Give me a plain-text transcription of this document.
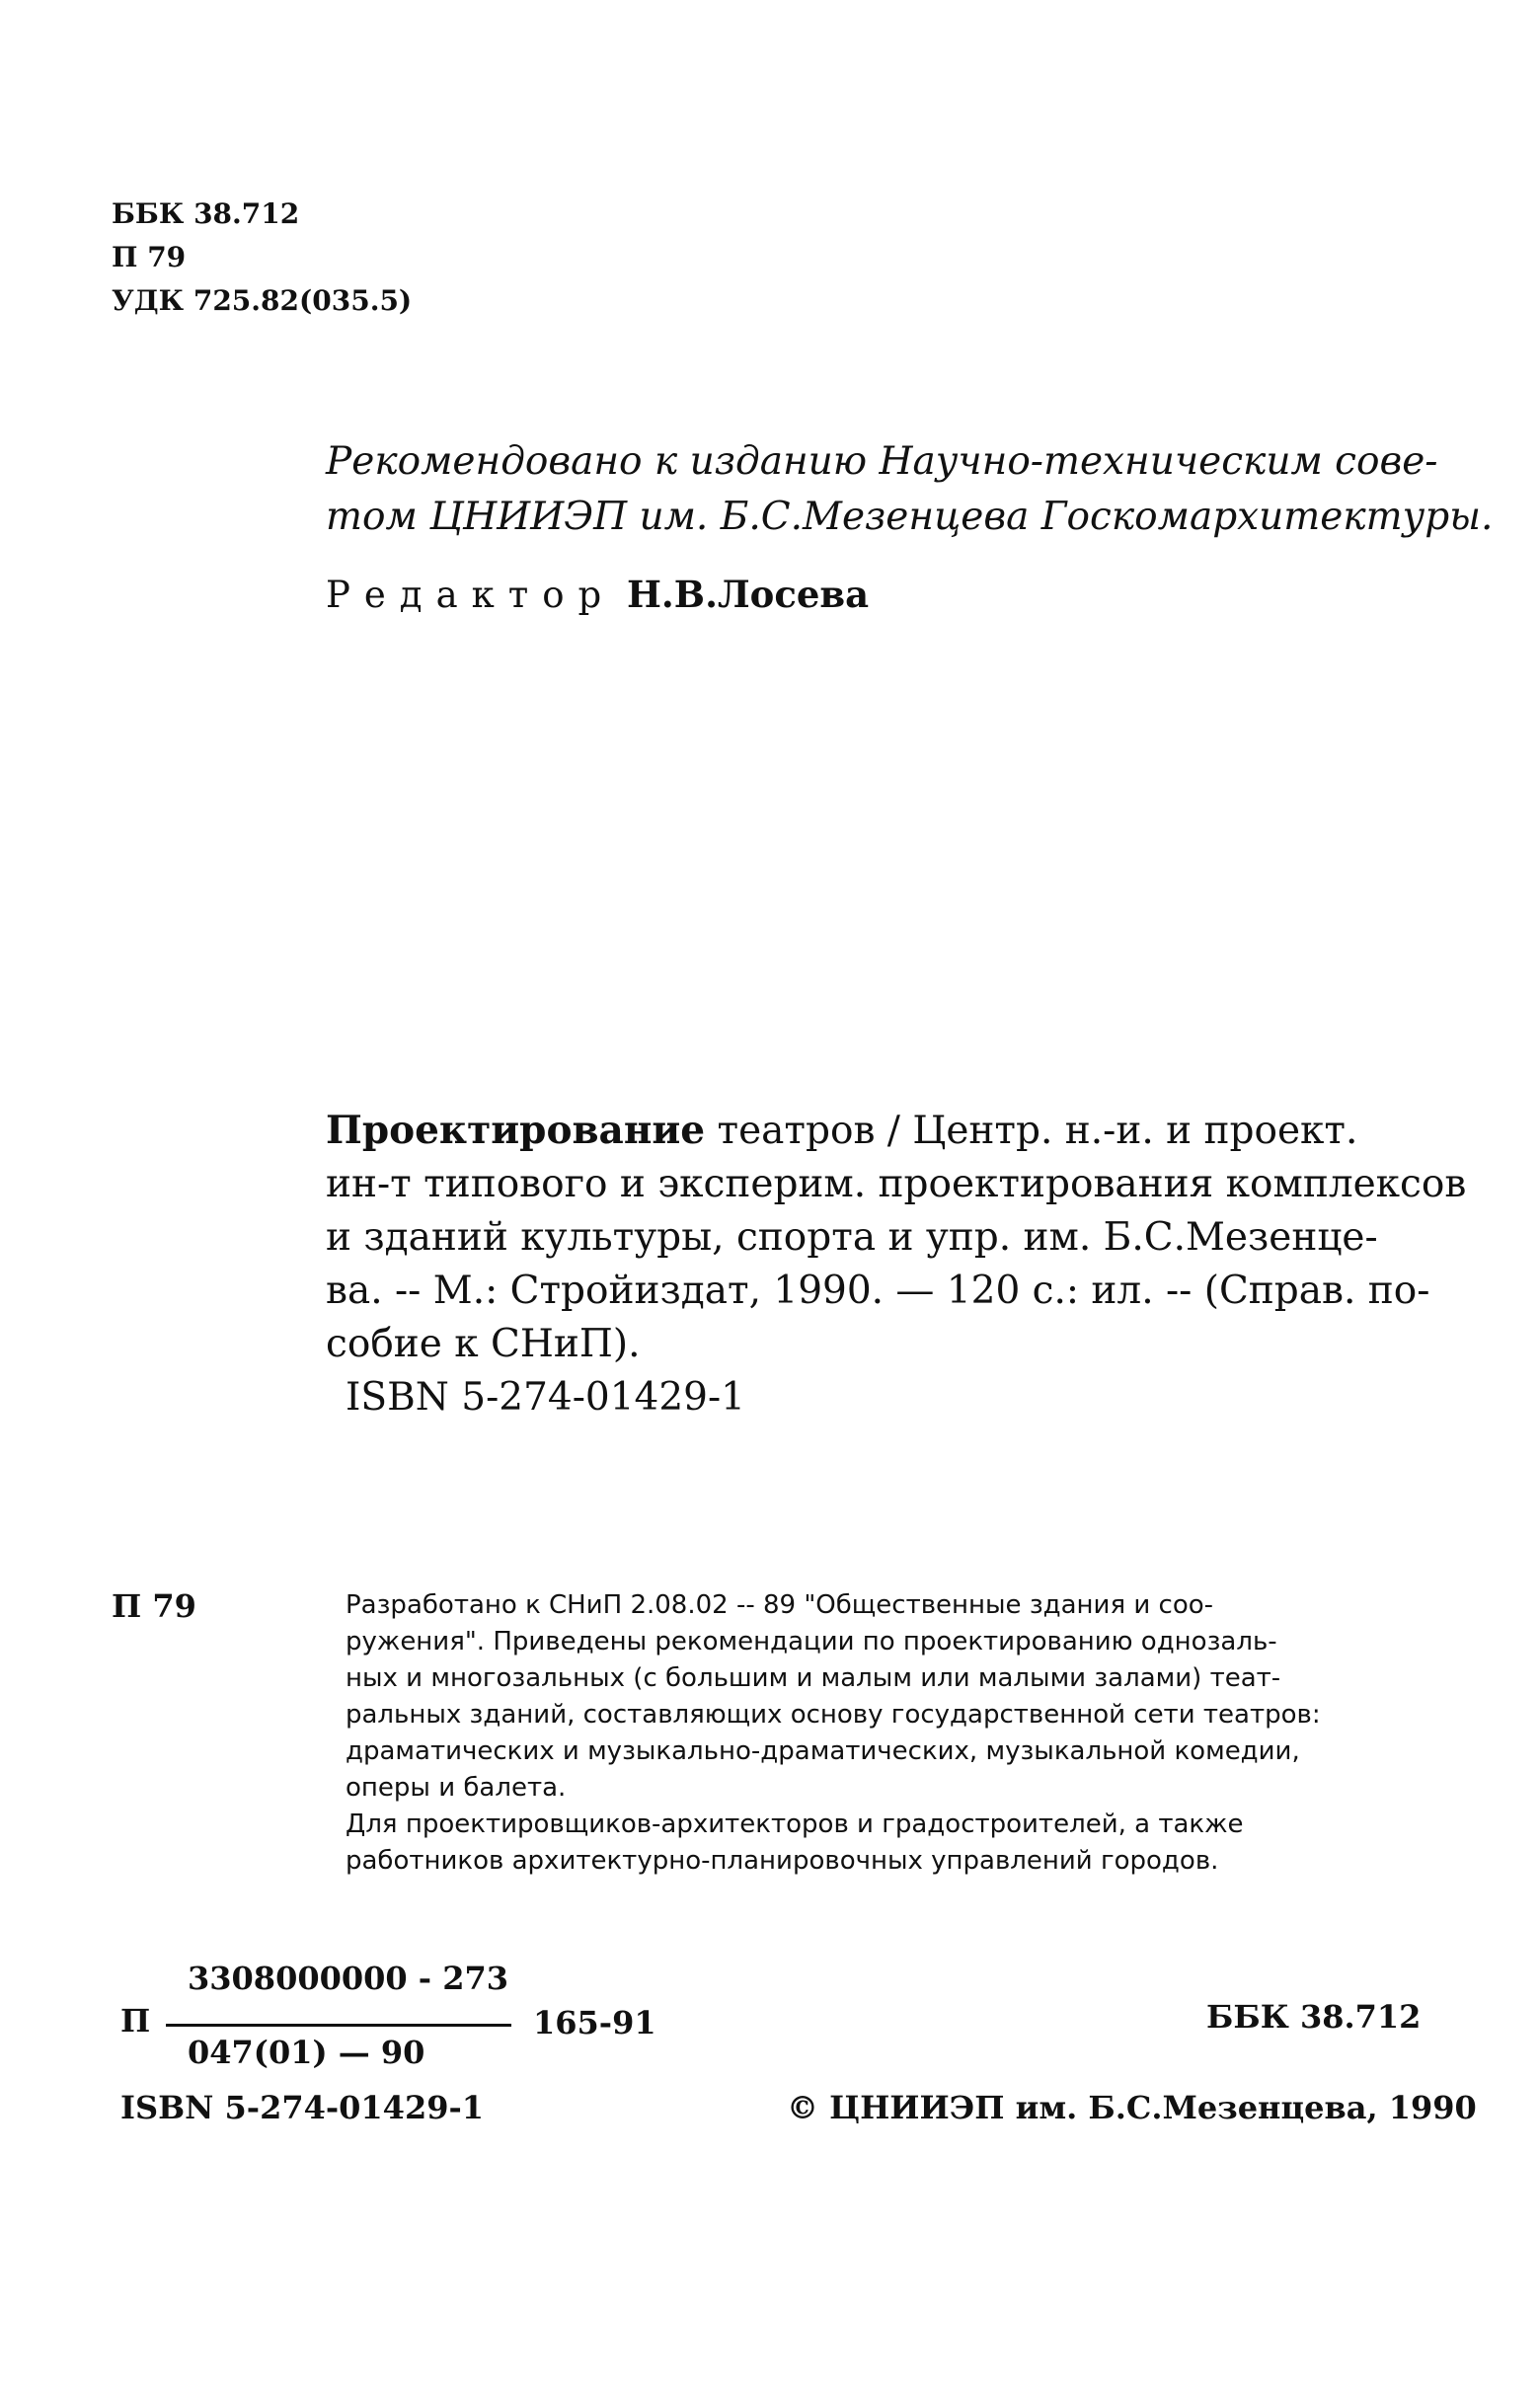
ББК 38.712
П 79
УДК 725.82(035.5)
Рекомендовано к изданию Научно-техническим сове-
том ЦНИИЭП им. Б.С.Мезенцева Госкомархитектуры.
Редактор Н.В.Лосева
Проектирование театров / Центр. н.-и. и проект.
ин-т типового и эксперим. проектирования комплексов
и зданий культуры, спорта и упр. им. Б.С.Мезенце-
ва. -- М.: Стройиздат, 1990. — 120 с.: ил. -- (Справ. по-
собие к СНиП).
ISBN 5-274-01429-1
П 79	Разработано к СНиП 2.08.02 -- 89 "Общественные здания и соо-
ружения". Приведены рекомендации по проектированию однозаль-
ных и многозальных (с большим и малым или малыми залами) теат-
ральных зданий, составляющих основу государственной сети театров:
драматических и музыкально-драматических, музыкальной комедии,
оперы и балета.
Для проектировщиков-архитекторов и градостроителей, а также
работников архитектурно-планировочных управлений городов.
П
3308000000 - 273
047(01) — 90
165-91	ББК 38.712
ISBN 5-274-01429-1	© ЦНИИЭП им. Б.С.Мезенцева, 1990
